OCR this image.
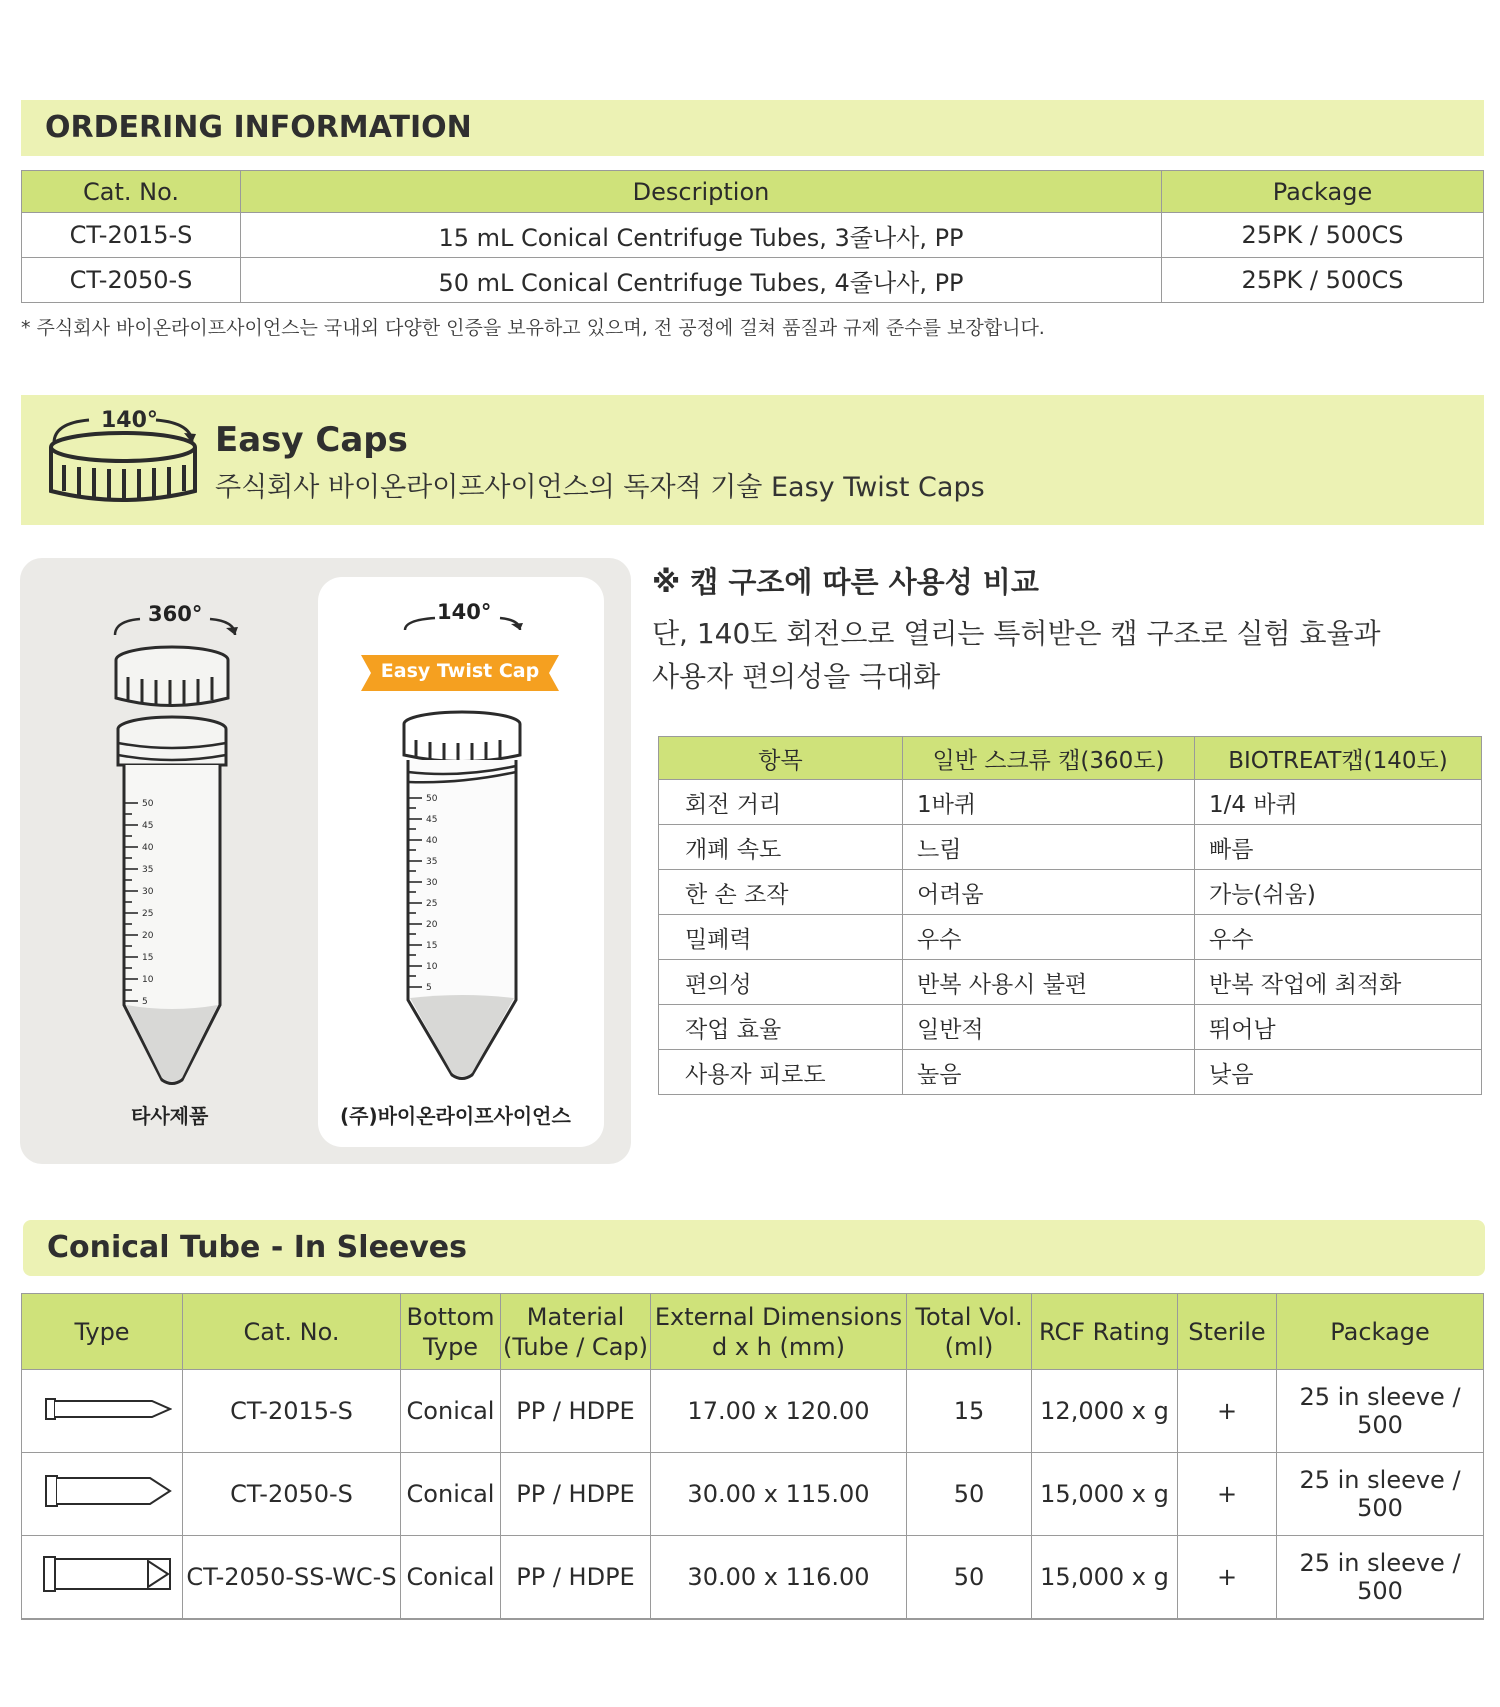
ORDERING INFORMATION
Cat. No.	Description	Package
CT-2015-S	15 mL Conical Centrifuge Tubes, 3줄나사, PP	25PK / 500CS
CT-2050-S	50 mL Conical Centrifuge Tubes, 4줄나사, PP	25PK / 500CS
* 주식회사 바이온라이프사이언스는 국내외 다양한 인증을 보유하고 있으며, 전 공정에 걸쳐 품질과 규제 준수를 보장합니다.
140° Easy Caps
주식회사 바이온라이프사이언스의 독자적 기술 Easy Twist Caps
50
45
40
35
30
25
20
15
10
5
360°
타사제품
50
45
40
35
30
25
20
15
10
5
140°
Easy Twist Cap
(주)바이온라이프사이언스
※ 캡 구조에 따른 사용성 비교
단, 140도 회전으로 열리는 특허받은 캡 구조로 실험 효율과
사용자 편의성을 극대화
항목	일반 스크류 캡(360도)	BIOTREAT캡(140도)
회전 거리	1바퀴	1/4 바퀴
개폐 속도	느림	빠름
한 손 조작	어려움	가능(쉬움)
밀폐력	우수	우수
편의성	반복 사용시 불편	반복 작업에 최적화
작업 효율	일반적	뛰어남
사용자 피로도	높음	낮음
Conical Tube - In Sleeves
Type	Cat. No.	Bottom Type	Material (Tube / Cap)	External Dimensions d x h (mm)	Total Vol. (ml)	RCF Rating	Sterile	Package
	CT-2015-S	Conical	PP / HDPE	17.00 x 120.00	15	12,000 x g	+	25 in sleeve / 500
	CT-2050-S	Conical	PP / HDPE	30.00 x 115.00	50	15,000 x g	+	25 in sleeve / 500
	CT-2050-SS-WC-S	Conical	PP / HDPE	30.00 x 116.00	50	15,000 x g	+	25 in sleeve / 500
